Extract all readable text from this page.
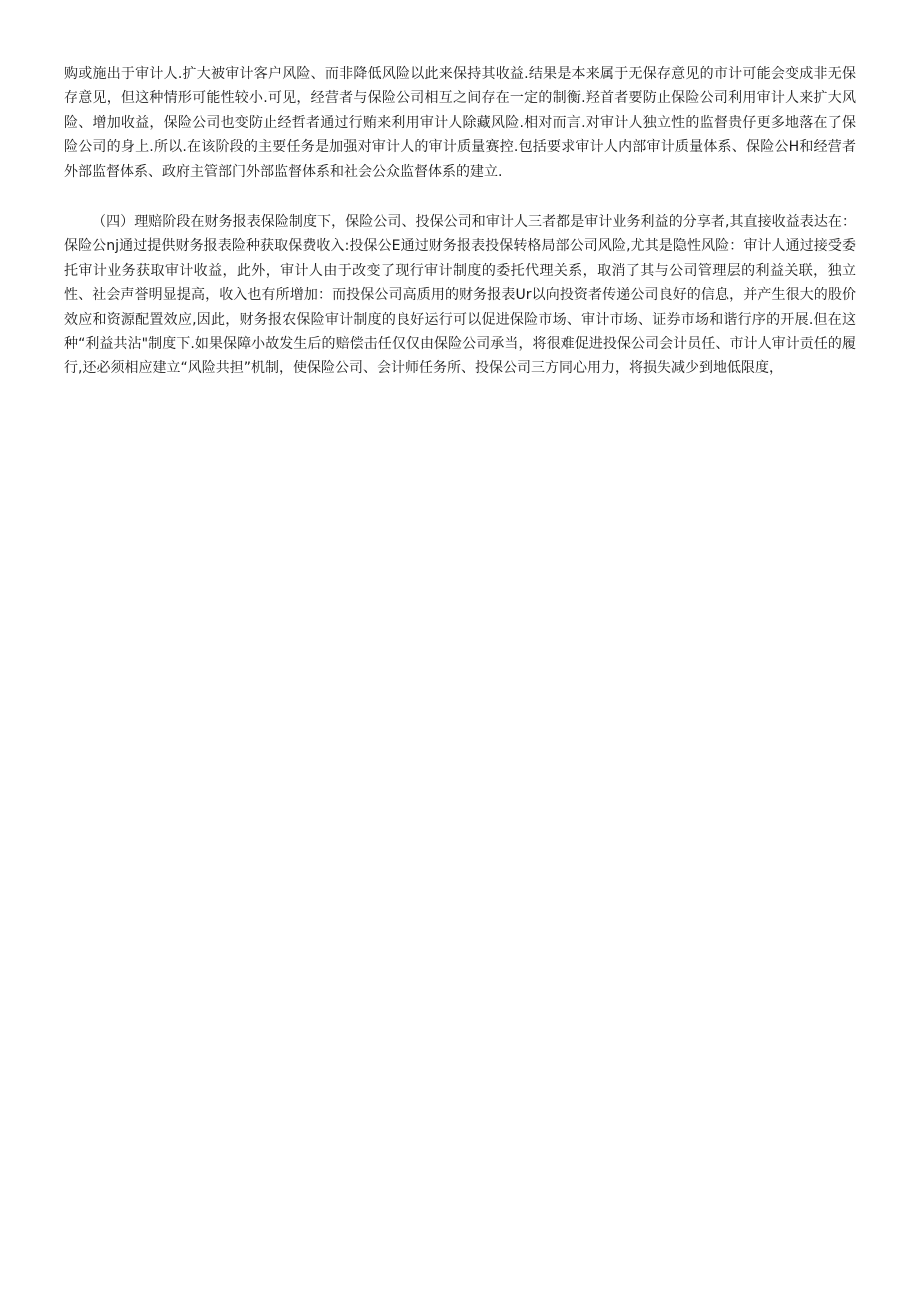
购或施出于审计人.扩大被审计客户风险、而非降低风险以此来保持其收益.结果是本来属于无保存意见的市计可能会变成非无保存意见，但这种情形可能性较小.可见，经营者与保险公司相互之间存在一定的制衡.羟首者要防止保险公司利用审计人来扩大风险、增加收益，保险公司也变防止经哲者通过行贿来利用审计人除藏风险.相对而言.对审计人独立性的监督贵仔更多地落在了保险公司的身上.所以.在该阶段的主要任务是加强对审计人的审计质量赛控.包括要求审计人内部审计质量体系、保险公H和经营者外部监督体系、政府主管部门外部监督体系和社会公众监督体系的建立.

（四）理赔阶段在财务报表保险制度下，保险公司、投保公司和审计人三者都是审计业务利益的分享者,其直接收益表达在：保险公nj通过提供财务报表险种获取保费收入:投保公E通过财务报表投保转格局部公司风险,尤其是隐性风险：审计人通过接受委托审计业务获取审计收益，此外，审计人由于改变了现行审计制度的委托代理关系，取消了其与公司管理层的利益关联，独立性、社会声誉明显提高，收入也有所增加：而投保公司高质用的财务报表Ur以向投资者传递公司良好的信息，并产生很大的股价效应和资源配置效应,因此，财务报农保险审计制度的良好运行可以促进保险市场、审计市场、证券市场和谐行序的开展.但在这种“利益共沾"制度下.如果保障小故发生后的赔偿击任仅仅由保险公司承当，将很难促进投保公司会计员任、市计人审计贡任的履行,还必须相应建立“风险共担”机制，使保险公司、会计师任务所、投保公司三方同心用力，将损失减少到地低限度，
